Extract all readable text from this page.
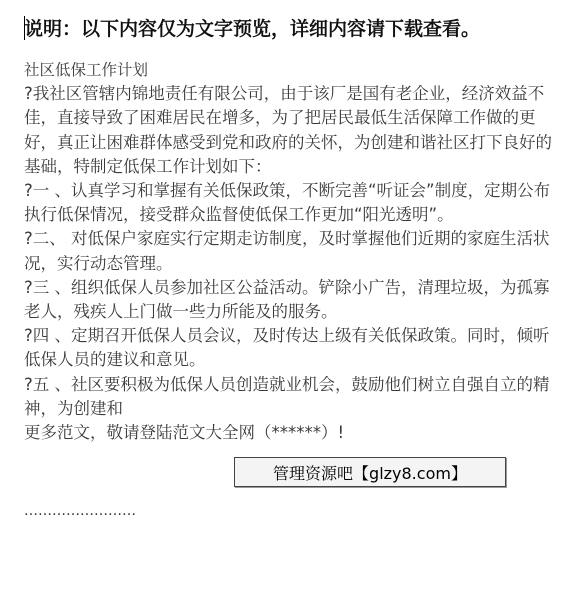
说明：以下内容仅为文字预览，详细内容请下载查看。

社区低保工作计划

?我社区管辖内锦地责任有限公司，由于该厂是国有老企业，经济效益不佳，直接导致了困难居民在增多，为了把居民最低生活保障工作做的更好，真正让困难群体感受到党和政府的关怀，为创建和谐社区打下良好的基础，特制定低保工作计划如下：

?一 、认真学习和掌握有关低保政策，不断完善“听证会”制度，定期公布执行低保情况，接受群众监督使低保工作更加“阳光透明”。

?二、 对低保户家庭实行定期走访制度，及时掌握他们近期的家庭生活状况，实行动态管理。

?三 、组织低保人员参加社区公益活动。铲除小广告，清理垃圾，为孤寡老人，残疾人上门做一些力所能及的服务。

?四 、定期召开低保人员会议，及时传达上级有关低保政策。同时，倾听低保人员的建议和意见。

?五 、社区要积极为低保人员创造就业机会，鼓励他们树立自强自立的精神，为创建和

更多范文，敬请登陆范文大全网（******）!

……………………
管理资源吧【glzy8.com】
